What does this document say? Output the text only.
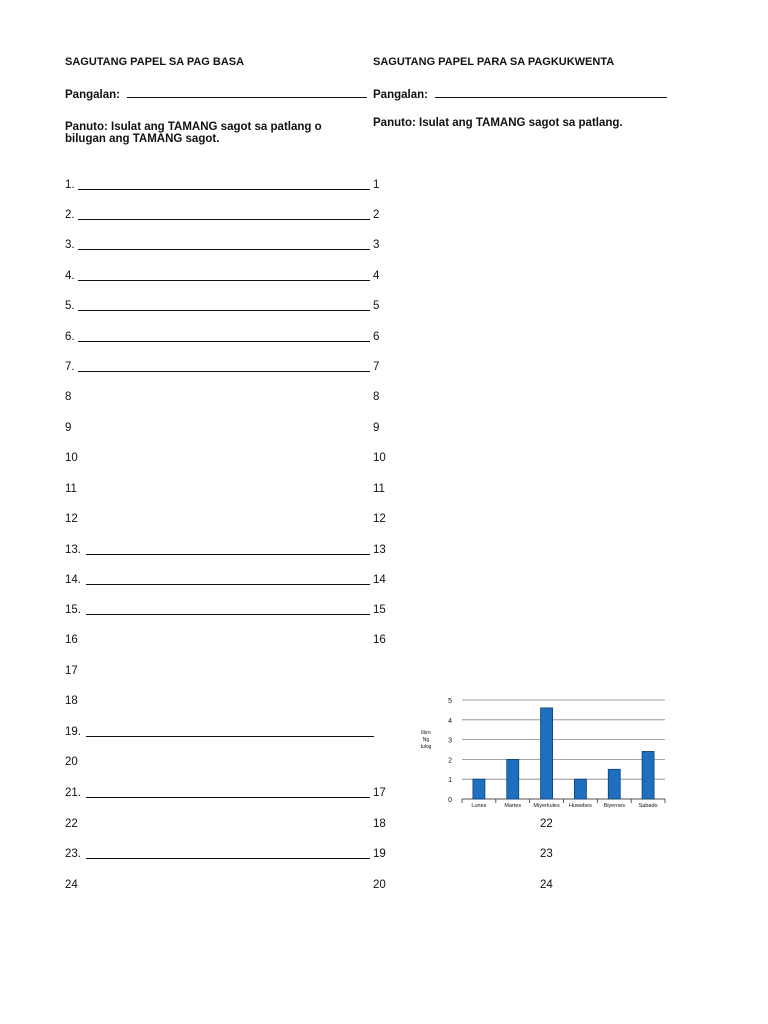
SAGUTANG PAPEL SA PAG BASA
Pangalan:
Panuto: Isulat ang TAMANG sagot sa patlang o
bilugan ang TAMANG sagot.
1.
2.
3.
4.
5.
6.
7.
8
9
10
11
12
13.
14.
15.
16
17
18
19.
20
21.
22
23.
24
SAGUTANG PAPEL PARA SA PAGKUKWENTA
Pangalan:
Panuto: Isulat ang TAMANG sagot sa patlang.
1
2
3
4
5
6
7
8
9
10
11
12
13
14
15
16
17
18
19
20
22
23
24
0
1
2
3
4
5
Lunes	Martes Miyerkules Huwebes Biyernes Sabado
libro
Ng
tulog
